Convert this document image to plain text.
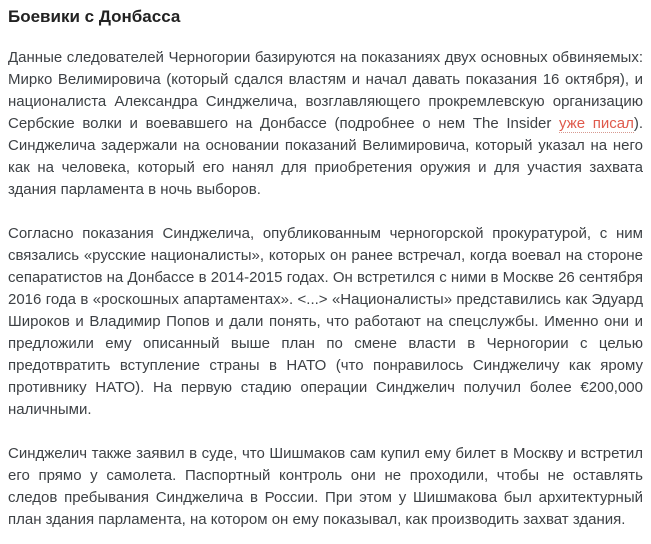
Боевики с Донбасса

Данные следователей Черногории базируются на показаниях двух основных обвиняемых: Мирко Велимировича (который сдался властям и начал давать показания 16 октября), и националиста Александра Синджелича, возглавляющего прокремлевскую организацию Сербские волки и воевавшего на Донбассе (подробнее о нем The Insider уже писал). Синджелича задержали на основании показаний Велимировича, который указал на него как на человека, который его нанял для приобретения оружия и для участия захвата здания парламента в ночь выборов.

Согласно показания Синджелича, опубликованным черногорской прокуратурой, с ним связались «русские националисты», которых он ранее встречал, когда воевал на стороне сепаратистов на Донбассе в 2014-2015 годах. Он встретился с ними в Москве 26 сентября 2016 года в «роскошных апартаментах». <...> «Националисты» представились как Эдуард Широков и Владимир Попов и дали понять, что работают на спецслужбы. Именно они и предложили ему описанный выше план по смене власти в Черногории с целью предотвратить вступление страны в НАТО (что понравилось Синджеличу как ярому противнику НАТО). На первую стадию операции Синджелич получил более €200,000 наличными.

Синджелич также заявил в суде, что Шишмаков сам купил ему билет в Москву и встретил его прямо у самолета. Паспортный контроль они не проходили, чтобы не оставлять следов пребывания Синджелича в России. При этом у Шишмакова был архитектурный план здания парламента, на котором он ему показывал, как производить захват здания.
